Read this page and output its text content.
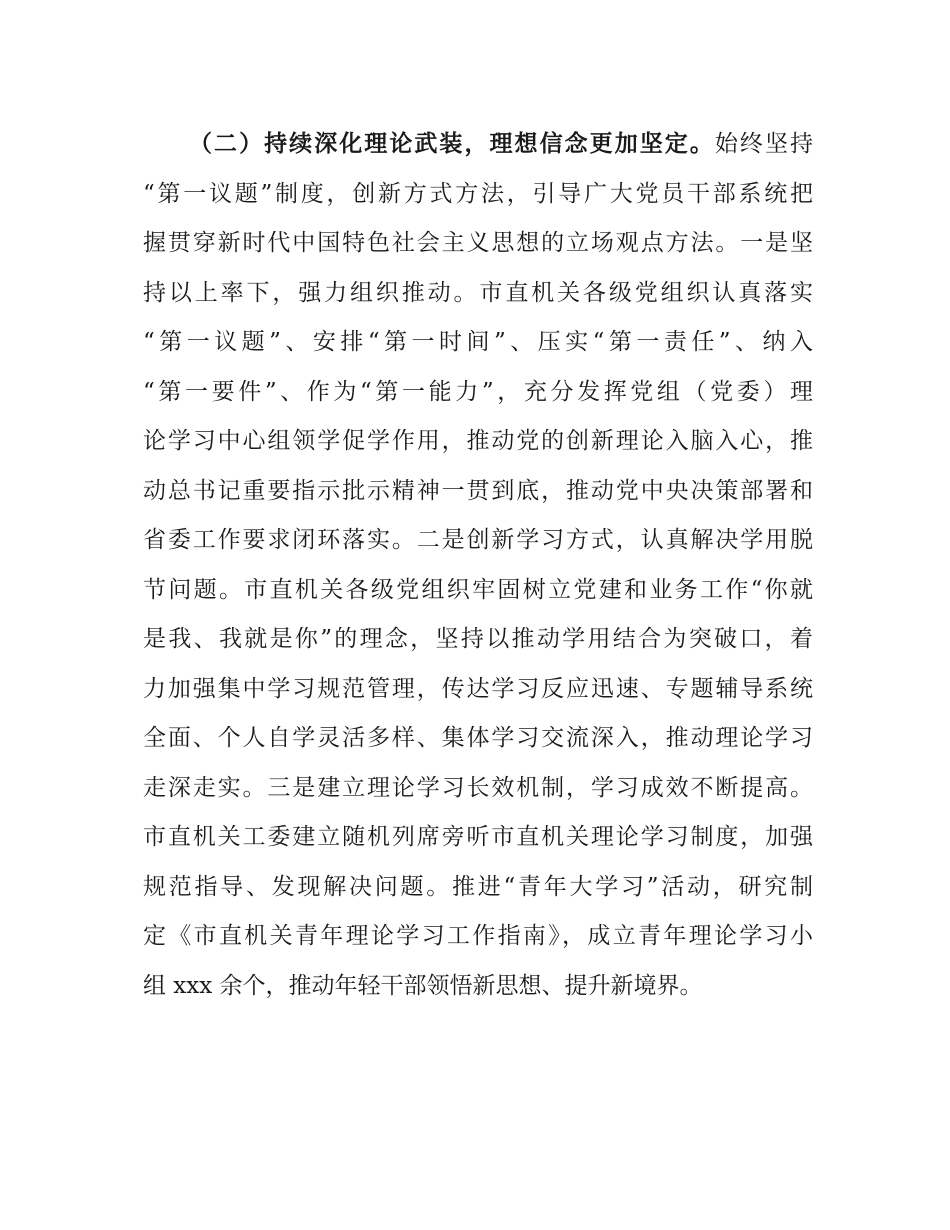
（二）持续深化理论武装，理想信念更加坚定。始终坚持
“第一议题”制度，创新方式方法，引导广大党员干部系统把
握贯穿新时代中国特色社会主义思想的立场观点方法。一是坚
持以上率下，强力组织推动。市直机关各级党组织认真落实
“第一议题”、安排“第一时间”、压实“第一责任”、纳入
“第一要件”、作为“第一能力”，充分发挥党组（党委）理
论学习中心组领学促学作用，推动党的创新理论入脑入心，推
动总书记重要指示批示精神一贯到底，推动党中央决策部署和
省委工作要求闭环落实。二是创新学习方式，认真解决学用脱
节问题。市直机关各级党组织牢固树立党建和业务工作“你就
是我、我就是你”的理念，坚持以推动学用结合为突破口，着
力加强集中学习规范管理，传达学习反应迅速、专题辅导系统
全面、个人自学灵活多样、集体学习交流深入，推动理论学习
走深走实。三是建立理论学习长效机制，学习成效不断提高。
市直机关工委建立随机列席旁听市直机关理论学习制度，加强
规范指导、发现解决问题。推进“青年大学习”活动，研究制
定《市直机关青年理论学习工作指南》，成立青年理论学习小
组 xxx 余个，推动年轻干部领悟新思想、提升新境界。
